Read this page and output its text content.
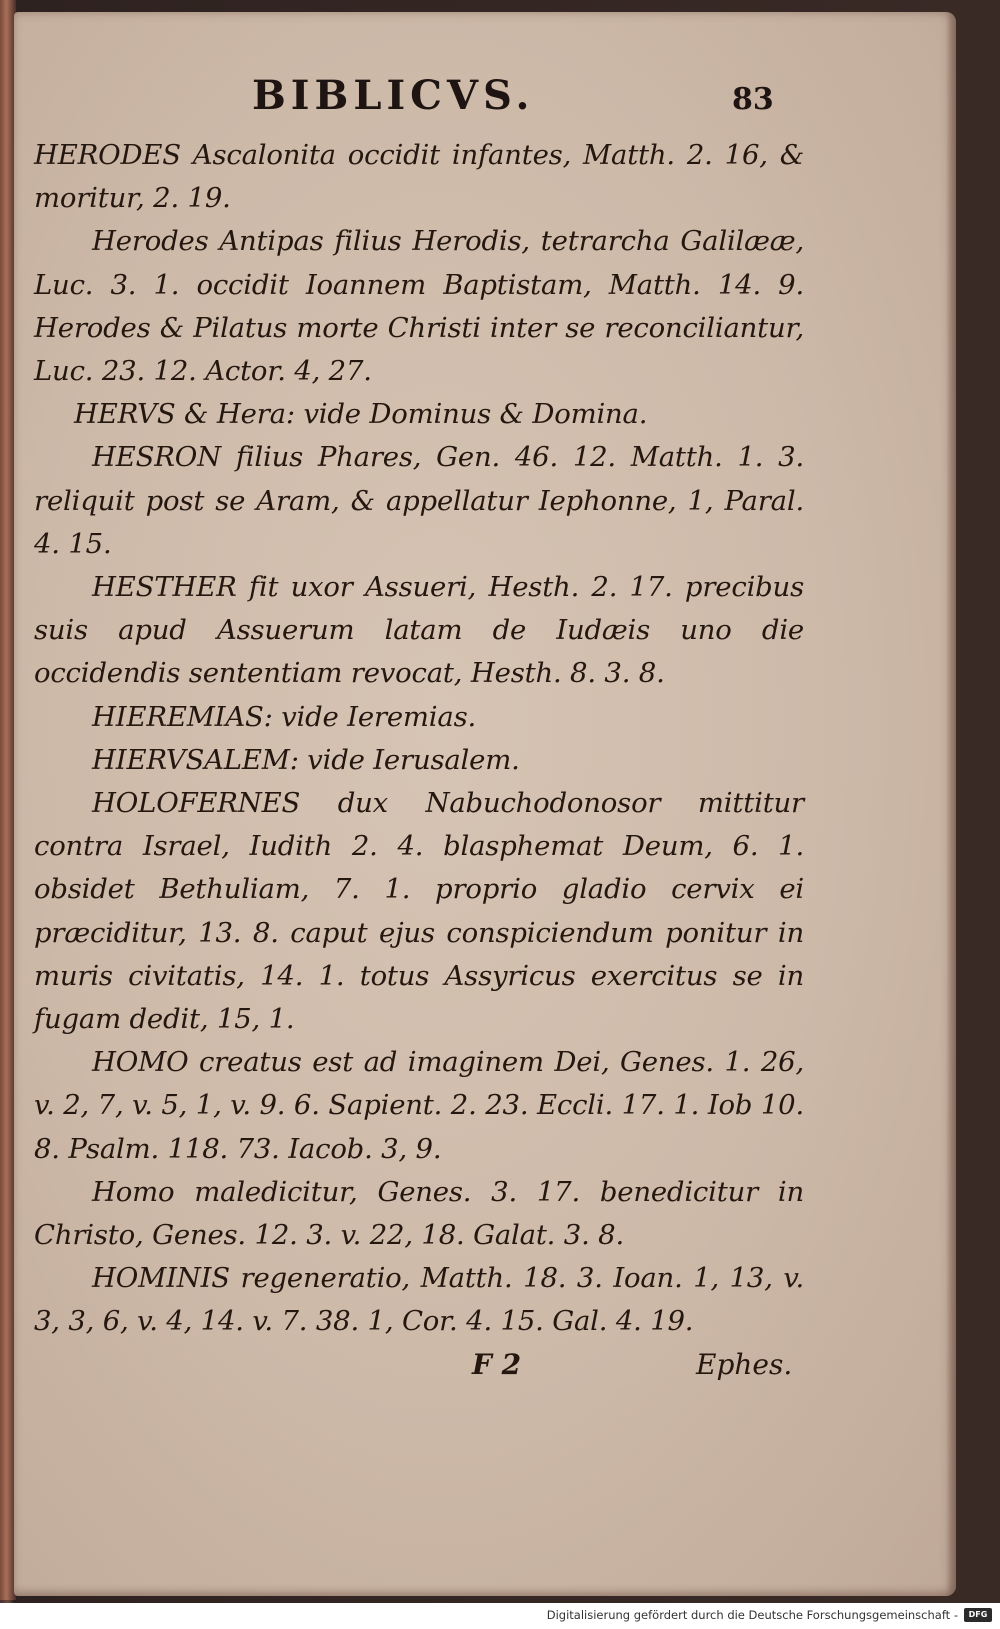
BIBLICVS.	83

HERODES Ascalonita occidit infantes, Matth. 2. 16, & moritur, 2. 19.

Herodes Antipas filius Herodis, tetrarcha Galilææ, Luc. 3. 1. occidit Ioannem Baptistam, Matth. 14. 9. Herodes & Pilatus morte Christi inter se reconciliantur, Luc. 23. 12. Actor. 4, 27.

HERVS & Hera: vide Dominus & Domina.

HESRON filius Phares, Gen. 46. 12. Matth. 1. 3. reliquit post se Aram, & appellatur Iephonne, 1, Paral. 4. 15.

HESTHER fit uxor Assueri, Hesth. 2. 17. precibus suis apud Assuerum latam de Iudæis uno die occidendis sententiam revocat, Hesth. 8. 3. 8.

HIEREMIAS: vide Ieremias.

HIERVSALEM: vide Ierusalem.

HOLOFERNES dux Nabuchodonosor mittitur contra Israel, Iudith 2. 4. blasphemat Deum, 6. 1. obsidet Bethuliam, 7. 1. proprio gladio cervix ei præciditur, 13. 8. caput ejus conspiciendum ponitur in muris civitatis, 14. 1. totus Assyricus exercitus se in fugam dedit, 15, 1.

HOMO creatus est ad imaginem Dei, Genes. 1. 26, v. 2, 7, v. 5, 1, v. 9. 6. Sapient. 2. 23. Eccli. 17. 1. Iob 10. 8. Psalm. 118. 73. Iacob. 3, 9.

Homo maledicitur, Genes. 3. 17. benedicitur in Christo, Genes. 12. 3. v. 22, 18. Galat. 3. 8.

HOMINIS regeneratio, Matth. 18. 3. Ioan. 1, 13, v. 3, 3, 6, v. 4, 14. v. 7. 38. 1, Cor. 4. 15. Gal. 4. 19.

F 2	Ephes.
Digitalisierung gefördert durch die Deutsche Forschungsgemeinschaft -	DFG
